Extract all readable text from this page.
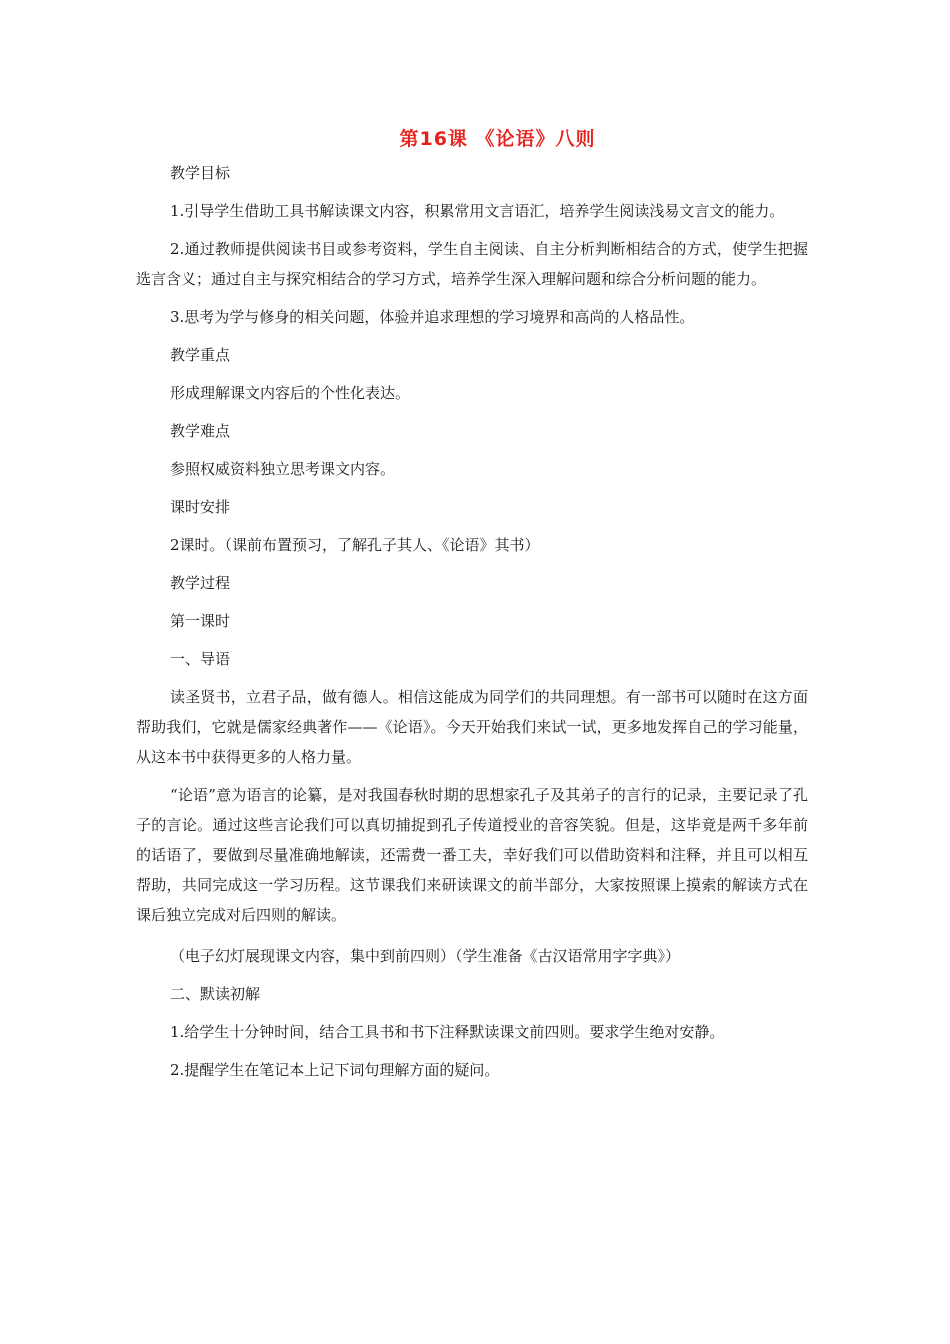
第16课 《论语》八则

教学目标

1.引导学生借助工具书解读课文内容，积累常用文言语汇，培养学生阅读浅易文言文的能力。

2.通过教师提供阅读书目或参考资料，学生自主阅读、自主分析判断相结合的方式，使学生把握选言含义；通过自主与探究相结合的学习方式，培养学生深入理解问题和综合分析问题的能力。

3.思考为学与修身的相关问题，体验并追求理想的学习境界和高尚的人格品性。

教学重点

形成理解课文内容后的个性化表达。

教学难点

参照权威资料独立思考课文内容。

课时安排

2课时。（课前布置预习，了解孔子其人、《论语》其书）

教学过程

第一课时

一、导语

读圣贤书，立君子品，做有德人。相信这能成为同学们的共同理想。有一部书可以随时在这方面帮助我们，它就是儒家经典著作——《论语》。今天开始我们来试一试，更多地发挥自己的学习能量，从这本书中获得更多的人格力量。

“论语”意为语言的论纂，是对我国春秋时期的思想家孔子及其弟子的言行的记录，主要记录了孔子的言论。通过这些言论我们可以真切捕捉到孔子传道授业的音容笑貌。但是，这毕竟是两千多年前的话语了，要做到尽量准确地解读，还需费一番工夫，幸好我们可以借助资料和注释，并且可以相互帮助，共同完成这一学习历程。这节课我们来研读课文的前半部分，大家按照课上摸索的解读方式在课后独立完成对后四则的解读。

（电子幻灯展现课文内容，集中到前四则）（学生准备《古汉语常用字字典》）

二、默读初解

1.给学生十分钟时间，结合工具书和书下注释默读课文前四则。要求学生绝对安静。

2.提醒学生在笔记本上记下词句理解方面的疑问。
